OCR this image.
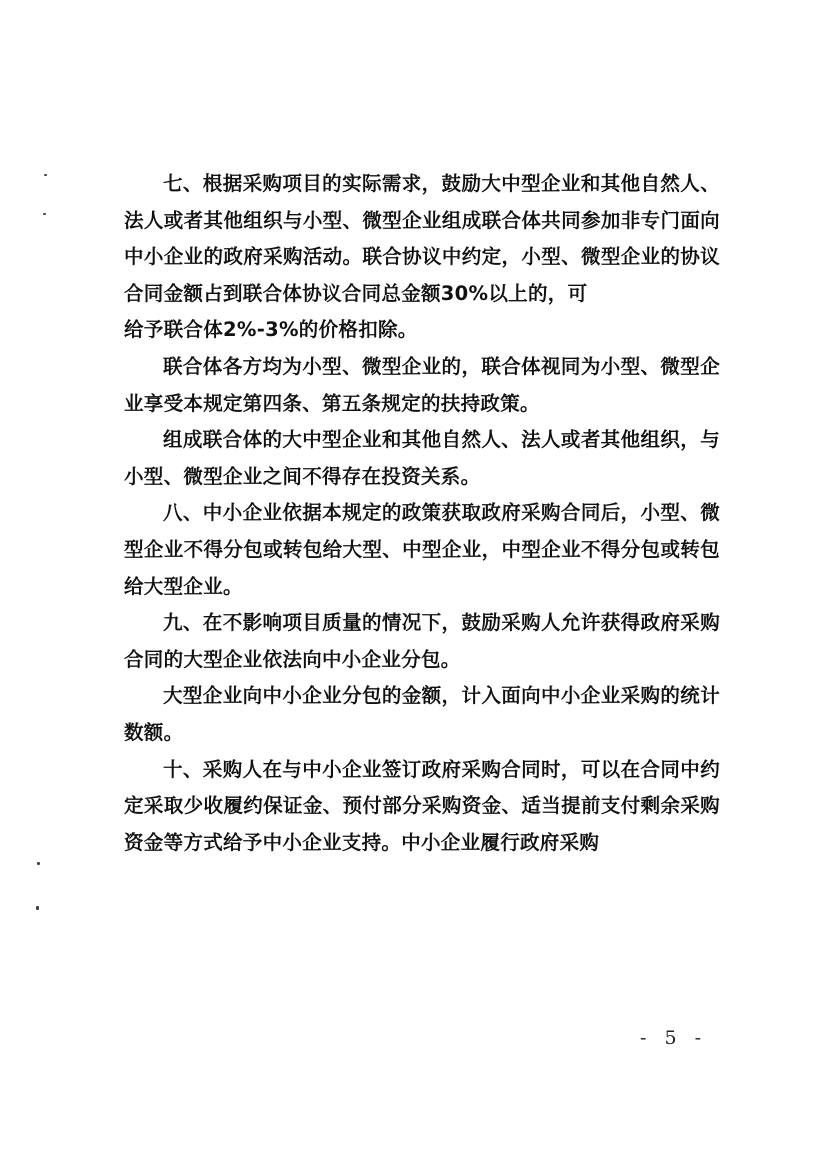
七、根据采购项目的实际需求，鼓励大中型企业和其他自然人、法人或者其他组织与小型、微型企业组成联合体共同参加非专门面向中小企业的政府采购活动。联合协议中约定，小型、微型企业的协议合同金额占到联合体协议合同总金额30%以上的，可

给予联合体2%-3%的价格扣除。

联合体各方均为小型、微型企业的，联合体视同为小型、微型企业享受本规定第四条、第五条规定的扶持政策。

组成联合体的大中型企业和其他自然人、法人或者其他组织，与小型、微型企业之间不得存在投资关系。

八、中小企业依据本规定的政策获取政府采购合同后，小型、微型企业不得分包或转包给大型、中型企业，中型企业不得分包或转包给大型企业。

九、在不影响项目质量的情况下，鼓励采购人允许获得政府采购合同的大型企业依法向中小企业分包。

大型企业向中小企业分包的金额，计入面向中小企业采购的统计数额。

十、采购人在与中小企业签订政府采购合同时，可以在合同中约定采取少收履约保证金、预付部分采购资金、适当提前支付剩余采购资金等方式给予中小企业支持。中小企业履行政府采购

- 5 -
